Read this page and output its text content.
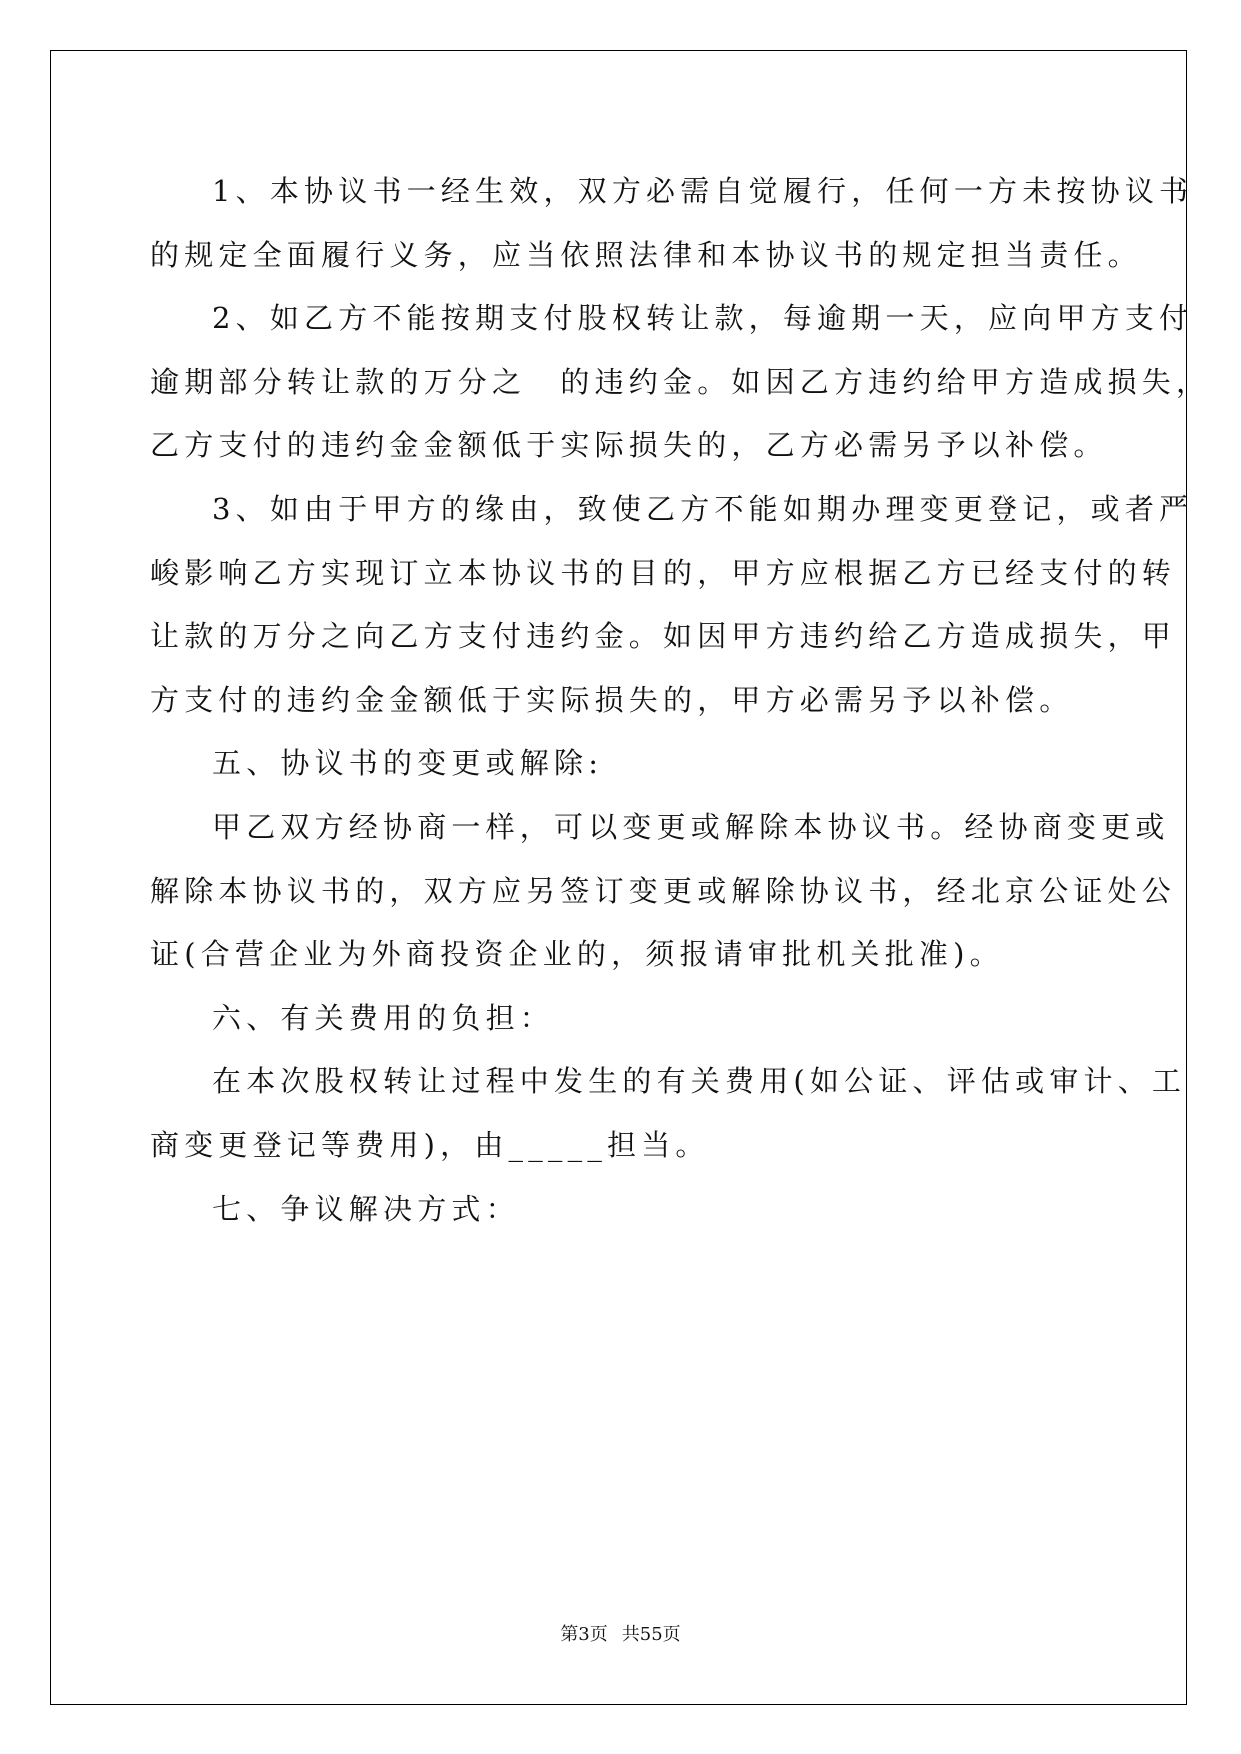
1、本协议书一经生效，双方必需自觉履行，任何一方未按协议书

的规定全面履行义务，应当依照法律和本协议书的规定担当责任。

2、如乙方不能按期支付股权转让款，每逾期一天，应向甲方支付

逾期部分转让款的万分之　的违约金。如因乙方违约给甲方造成损失，

乙方支付的违约金金额低于实际损失的，乙方必需另予以补偿。

3、如由于甲方的缘由，致使乙方不能如期办理变更登记，或者严

峻影响乙方实现订立本协议书的目的，甲方应根据乙方已经支付的转

让款的万分之向乙方支付违约金。如因甲方违约给乙方造成损失，甲

方支付的违约金金额低于实际损失的，甲方必需另予以补偿。

五、协议书的变更或解除:

甲乙双方经协商一样，可以变更或解除本协议书。经协商变更或

解除本协议书的，双方应另签订变更或解除协议书，经北京公证处公

证(合营企业为外商投资企业的，须报请审批机关批准)。

六、有关费用的负担：

在本次股权转让过程中发生的有关费用(如公证、评估或审计、工

商变更登记等费用)，由_____担当。

七、争议解决方式：

第3页 共55页
